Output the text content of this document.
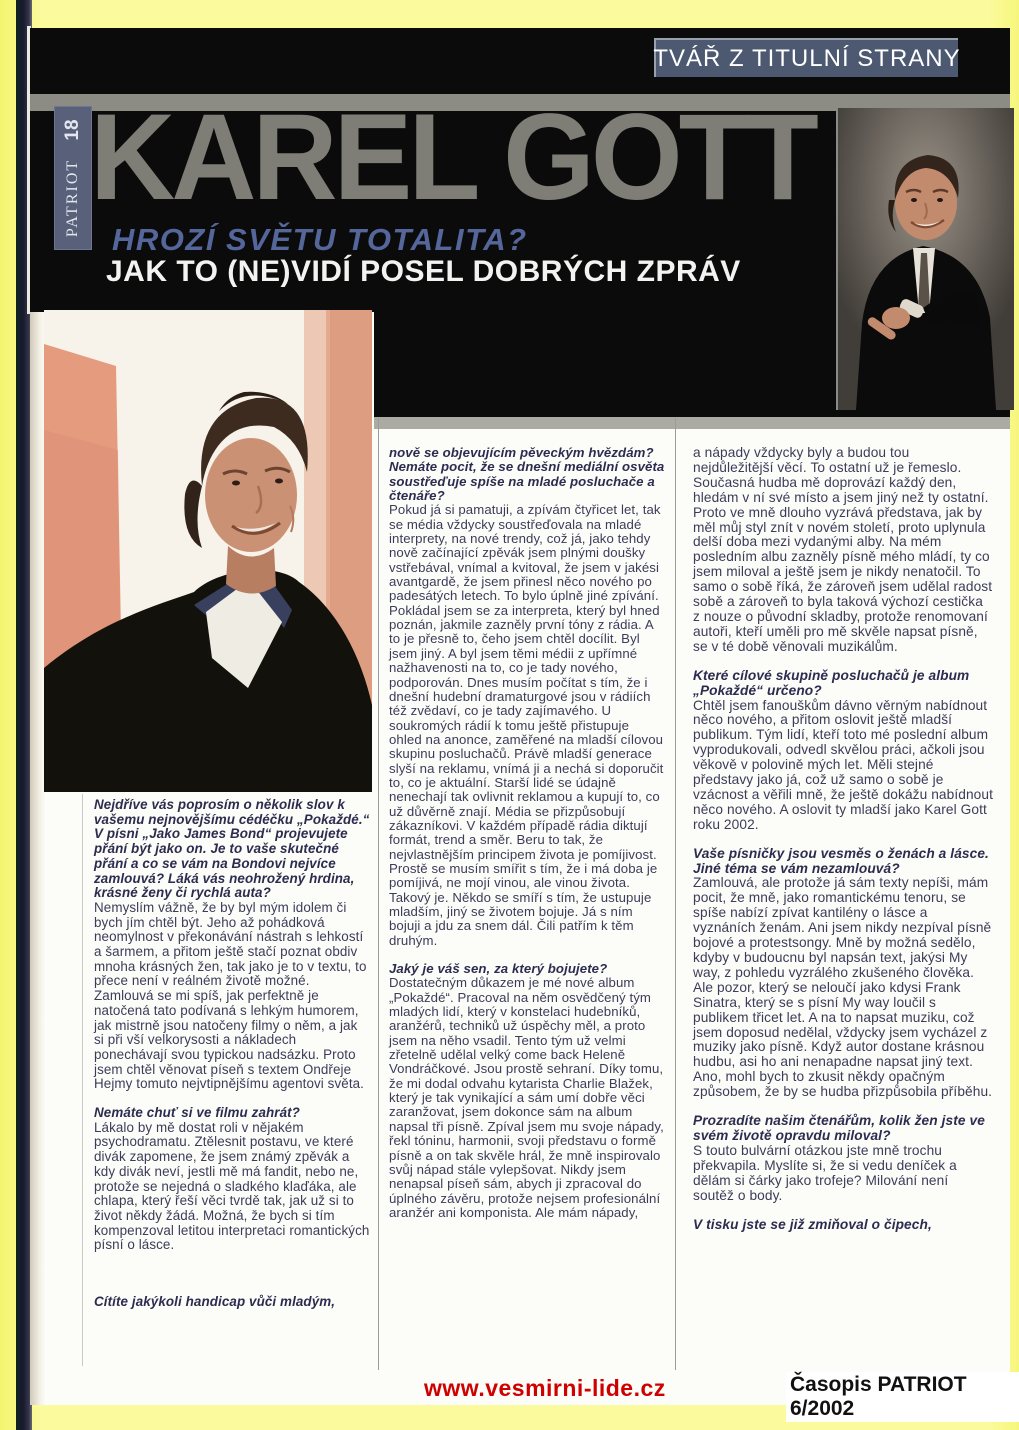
18
PATRIOT
TVÁŘ Z TITULNÍ STRANY
KAREL GOTT
HROZÍ SVĚTU TOTALITA?
JAK TO (NE)VIDÍ POSEL DOBRÝCH ZPRÁV

Nejdříve vás poprosím o několik slov k vašemu nejnovějšímu cédéčku „Pokaždé.“ V písni „Jako James Bond“ projevujete přání být jako on. Je to vaše skutečné přání a co se vám na Bondovi nejvíce zamlouvá? Láká vás neohrožený hrdina, krásné ženy či rychlá auta?

Nemyslím vážně, že by byl mým idolem či bych jím chtěl být. Jeho až pohádková neomylnost v překonávání nástrah s lehkostí a šarmem, a přitom ještě stačí poznat obdiv mnoha krásných žen, tak jako je to v textu, to přece není v reálném životě možné. Zamlouvá se mi spíš, jak perfektně je natočená tato podívaná s lehkým humorem, jak mistrně jsou natočeny filmy o něm, a jak si při vší velkorysosti a nákladech ponechávají svou typickou nadsázku. Proto jsem chtěl věnovat píseň s textem Ondřeje Hejmy tomuto nejvtipnějšímu agentovi světa.

Nemáte chuť si ve filmu zahrát?

Lákalo by mě dostat roli v nějakém psychodramatu. Ztělesnit postavu, ve které divák zapomene, že jsem známý zpěvák a kdy divák neví, jestli mě má fandit, nebo ne, protože se nejedná o sladkého klaďáka, ale chlapa, který řeší věci tvrdě tak, jak už si to život někdy žádá. Možná, že bych si tím kompenzoval letitou interpretaci romantických písní o lásce.

Cítíte jakýkoli handicap vůči mladým,

nově se objevujícím pěveckým hvězdám? Nemáte pocit, že se dnešní mediální osvěta soustřeďuje spíše na mladé posluchače a čtenáře?

Pokud já si pamatuji, a zpívám čtyřicet let, tak se média vždycky soustřeďovala na mladé interprety, na nové trendy, což já, jako tehdy nově začínající zpěvák jsem plnými doušky vstřebával, vnímal a kvitoval, že jsem v jakési avantgardě, že jsem přinesl něco nového po padesátých letech. To bylo úplně jiné zpívání. Pokládal jsem se za interpreta, který byl hned poznán, jakmile zazněly první tóny z rádia. A to je přesně to, čeho jsem chtěl docílit. Byl jsem jiný. A byl jsem těmi médii z upřímné nažhavenosti na to, co je tady nového, podporován. Dnes musím počítat s tím, že i dnešní hudební dramaturgové jsou v rádiích též zvědaví, co je tady zajímavého. U soukromých rádií k tomu ještě přistupuje ohled na anonce, zaměřené na mladší cílovou skupinu posluchačů. Právě mladší generace slyší na reklamu, vnímá ji a nechá si doporučit to, co je aktuální. Starší lidé se údajně nenechají tak ovlivnit reklamou a kupují to, co už důvěrně znají. Média se přizpůsobují zákazníkovi. V každém případě rádia diktují formát, trend a směr. Beru to tak, že nejvlastnějším principem života je pomíjivost. Prostě se musím smířit s tím, že i má doba je pomíjivá, ne mojí vinou, ale vinou života. Takový je. Někdo se smíří s tím, že ustupuje mladším, jiný se životem bojuje. Já s ním bojuji a jdu za snem dál. Čili patřím k těm druhým.

Jaký je váš sen, za který bojujete?

Dostatečným důkazem je mé nové album „Pokaždé“. Pracoval na něm osvědčený tým mladých lidí, který v konstelaci hudebníků, aranžérů, techniků už úspěchy měl, a proto jsem na něho vsadil. Tento tým už velmi zřetelně udělal velký come back Heleně Vondráčkové. Jsou prostě sehraní. Díky tomu, že mi dodal odvahu kytarista Charlie Blažek, který je tak vynikající a sám umí dobře věci zaranžovat, jsem dokonce sám na album napsal tři písně. Zpíval jsem mu svoje nápady, řekl tóninu, harmonii, svoji představu o formě písně a on tak skvěle hrál, že mně inspirovalo svůj nápad stále vylepšovat. Nikdy jsem nenapsal píseň sám, abych ji zpracoval do úplného závěru, protože nejsem profesionální aranžér ani komponista. Ale mám nápady,

a nápady vždycky byly a budou tou nejdůležitější věcí. To ostatní už je řemeslo. Současná hudba mě doprovází každý den, hledám v ní své místo a jsem jiný než ty ostatní. Proto ve mně dlouho vyzrává představa, jak by měl můj styl znít v novém století, proto uplynula delší doba mezi vydanými alby. Na mém posledním albu zazněly písně mého mládí, ty co jsem miloval a ještě jsem je nikdy nenatočil. To samo o sobě říká, že zároveň jsem udělal radost sobě a zároveň to byla taková výchozí cestička z nouze o původní skladby, protože renomovaní autoři, kteří uměli pro mě skvěle napsat písně, se v té době věnovali muzikálům.

Které cílové skupině posluchačů je album „Pokaždé“ určeno?

Chtěl jsem fanouškům dávno věrným nabídnout něco nového, a přitom oslovit ještě mladší publikum. Tým lidí, kteří toto mé poslední album vyprodukovali, odvedl skvělou práci, ačkoli jsou věkově v polovině mých let. Měli stejné představy jako já, což už samo o sobě je vzácnost a věřili mně, že ještě dokážu nabídnout něco nového. A oslovit ty mladší jako Karel Gott roku 2002.

Vaše písničky jsou vesměs o ženách a lásce. Jiné téma se vám nezamlouvá?

Zamlouvá, ale protože já sám texty nepíši, mám pocit, že mně, jako romantickému tenoru, se spíše nabízí zpívat kantilény o lásce a vyznáních ženám. Ani jsem nikdy nezpíval písně bojové a protestsongy. Mně by možná sedělo, kdyby v budoucnu byl napsán text, jakýsi My way, z pohledu vyzrálého zkušeného člověka. Ale pozor, který se neloučí jako kdysi Frank Sinatra, který se s písní My way loučil s publikem třicet let. A na to napsat muziku, což jsem doposud nedělal, vždycky jsem vycházel z muziky jako písně. Když autor dostane krásnou hudbu, asi ho ani nenapadne napsat jiný text. Ano, mohl bych to zkusit někdy opačným způsobem, že by se hudba přizpůsobila příběhu.

Prozradíte našim čtenářům, kolik žen jste ve svém životě opravdu miloval?

S touto bulvární otázkou jste mně trochu překvapila. Myslíte si, že si vedu deníček a dělám si čárky jako trofeje? Milování není soutěž o body.

V tisku jste se již zmiňoval o čipech,

www.vesmirni-lide.cz	Časopis PATRIOT 6/2002
